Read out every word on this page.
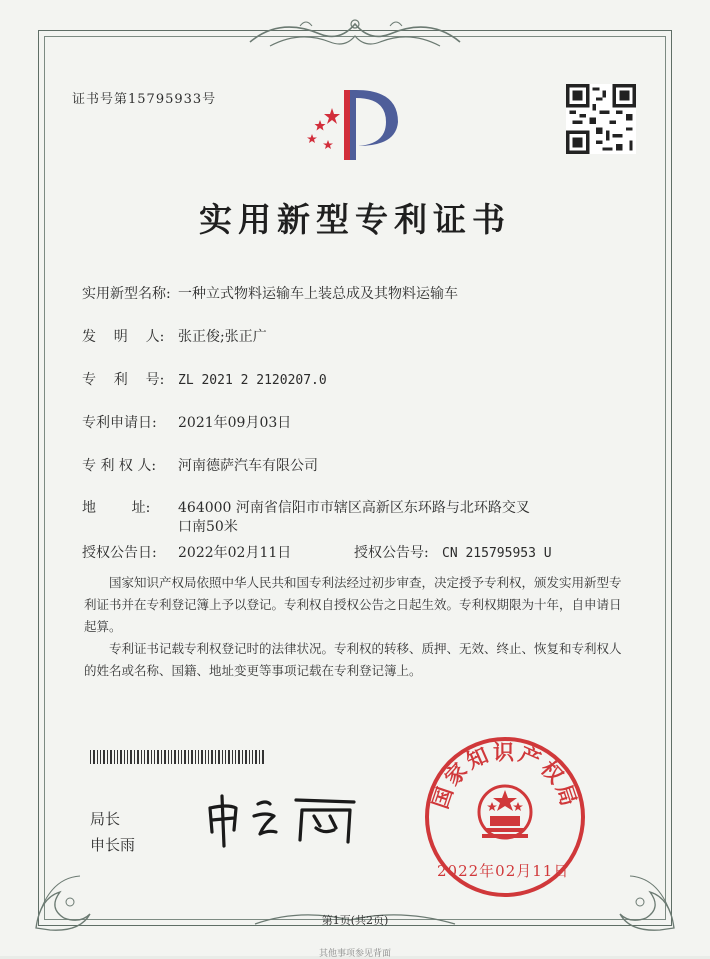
证书号第15795933号
实用新型专利证书
实用新型名称: 一种立式物料运输车上装总成及其物料运输车
发    明    人: 张正俊;张正广
专    利    号: ZL 2021 2 2120207.0
专利申请日: 2021年09月03日
专 利 权 人: 河南德萨汽车有限公司
地        址: 464000 河南省信阳市市辖区高新区东环路与北环路交叉
口南50米
授权公告日: 2022年02月11日	授权公告号: CN 215795953 U
国家知识产权局依照中华人民共和国专利法经过初步审查，决定授予专利权，颁发实用新型专利证书并在专利登记簿上予以登记。专利权自授权公告之日起生效。专利权期限为十年，自申请日起算。
专利证书记载专利权登记时的法律状况。专利权的转移、质押、无效、终止、恢复和专利权人的姓名或名称、国籍、地址变更等事项记载在专利登记簿上。
局长
申长雨
国家知识产权局
2022年02月11日
第1页(共2页)
其他事项参见背面
